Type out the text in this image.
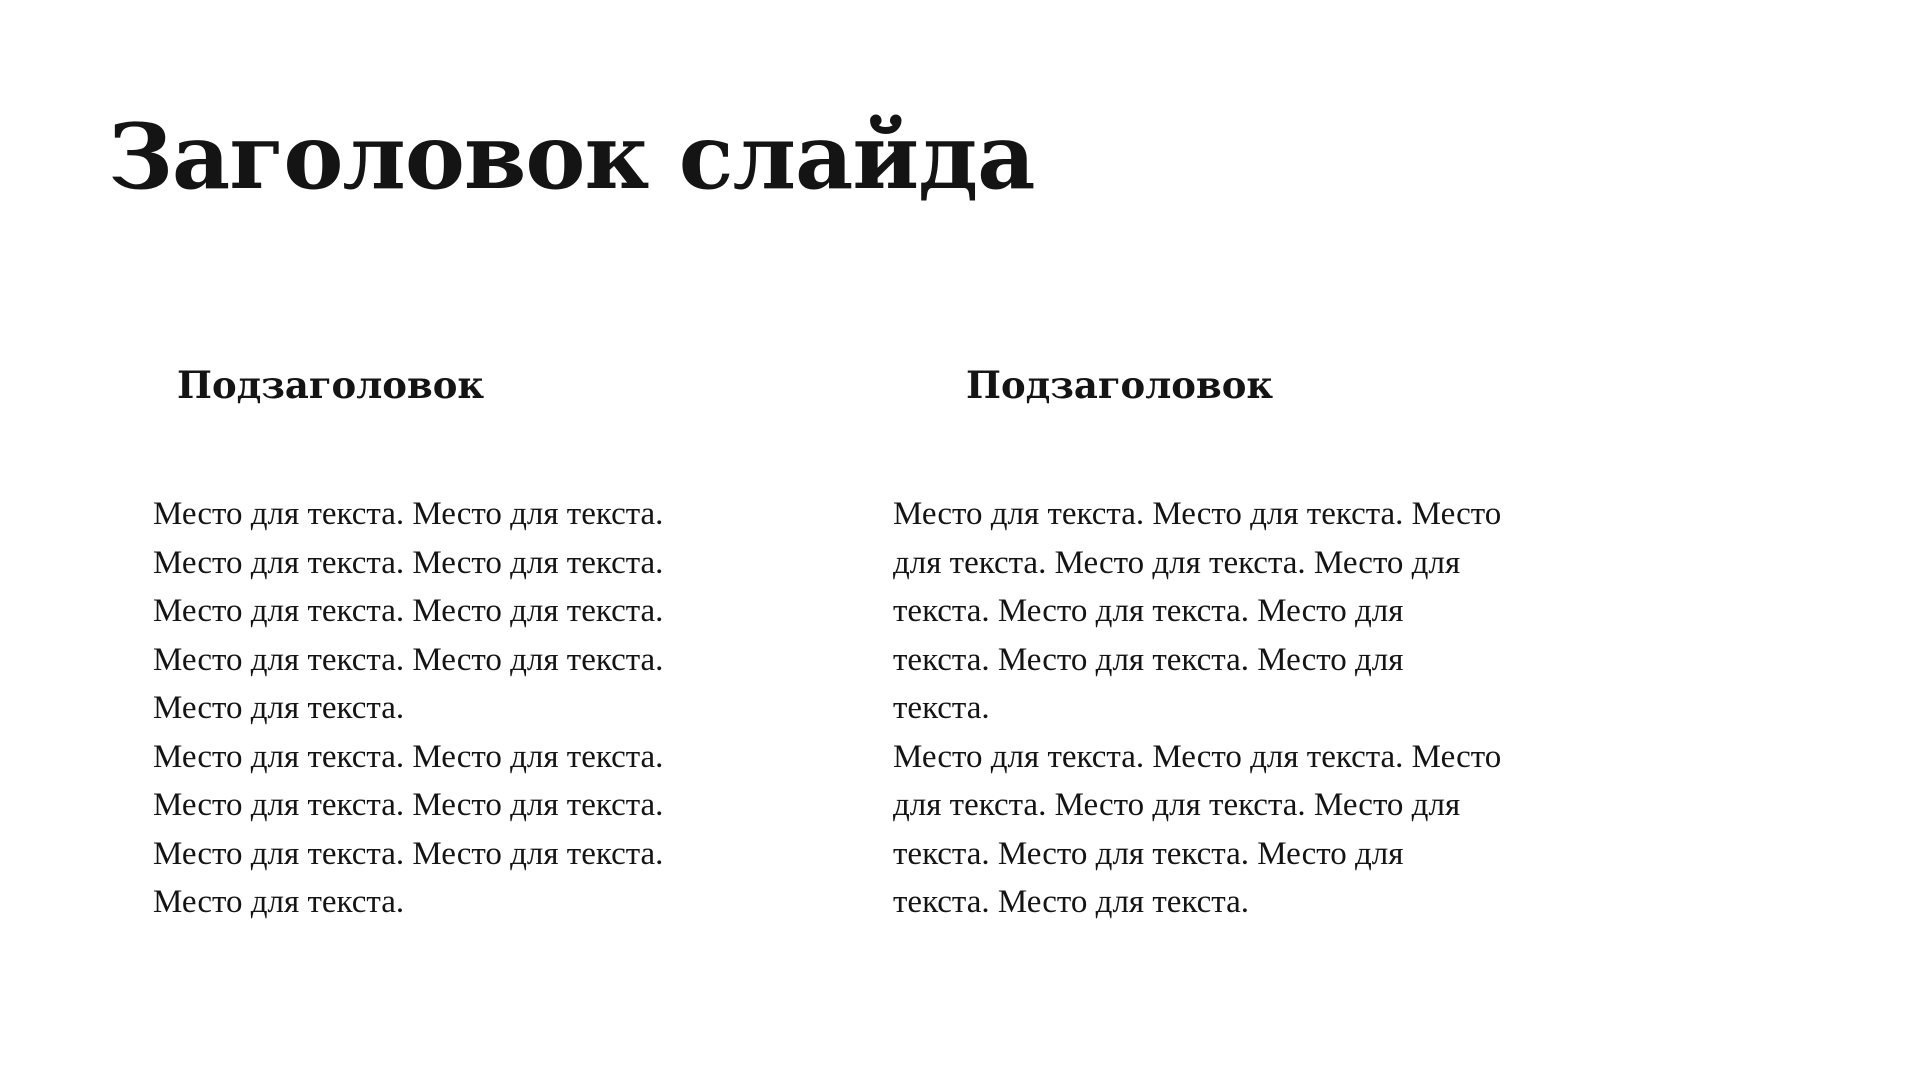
Заголовок слайда
Подзаголовок

Место для текста. Место для текста.
Место для текста. Место для текста.
Место для текста. Место для текста.
Место для текста. Место для текста.
Место для текста.

Место для текста. Место для текста.
Место для текста. Место для текста.
Место для текста. Место для текста.
Место для текста.

Подзаголовок

Место для текста. Место для текста. Место
для текста. Место для текста. Место для
текста. Место для текста. Место для
текста. Место для текста. Место для
текста.

Место для текста. Место для текста. Место
для текста. Место для текста. Место для
текста. Место для текста. Место для
текста. Место для текста.
